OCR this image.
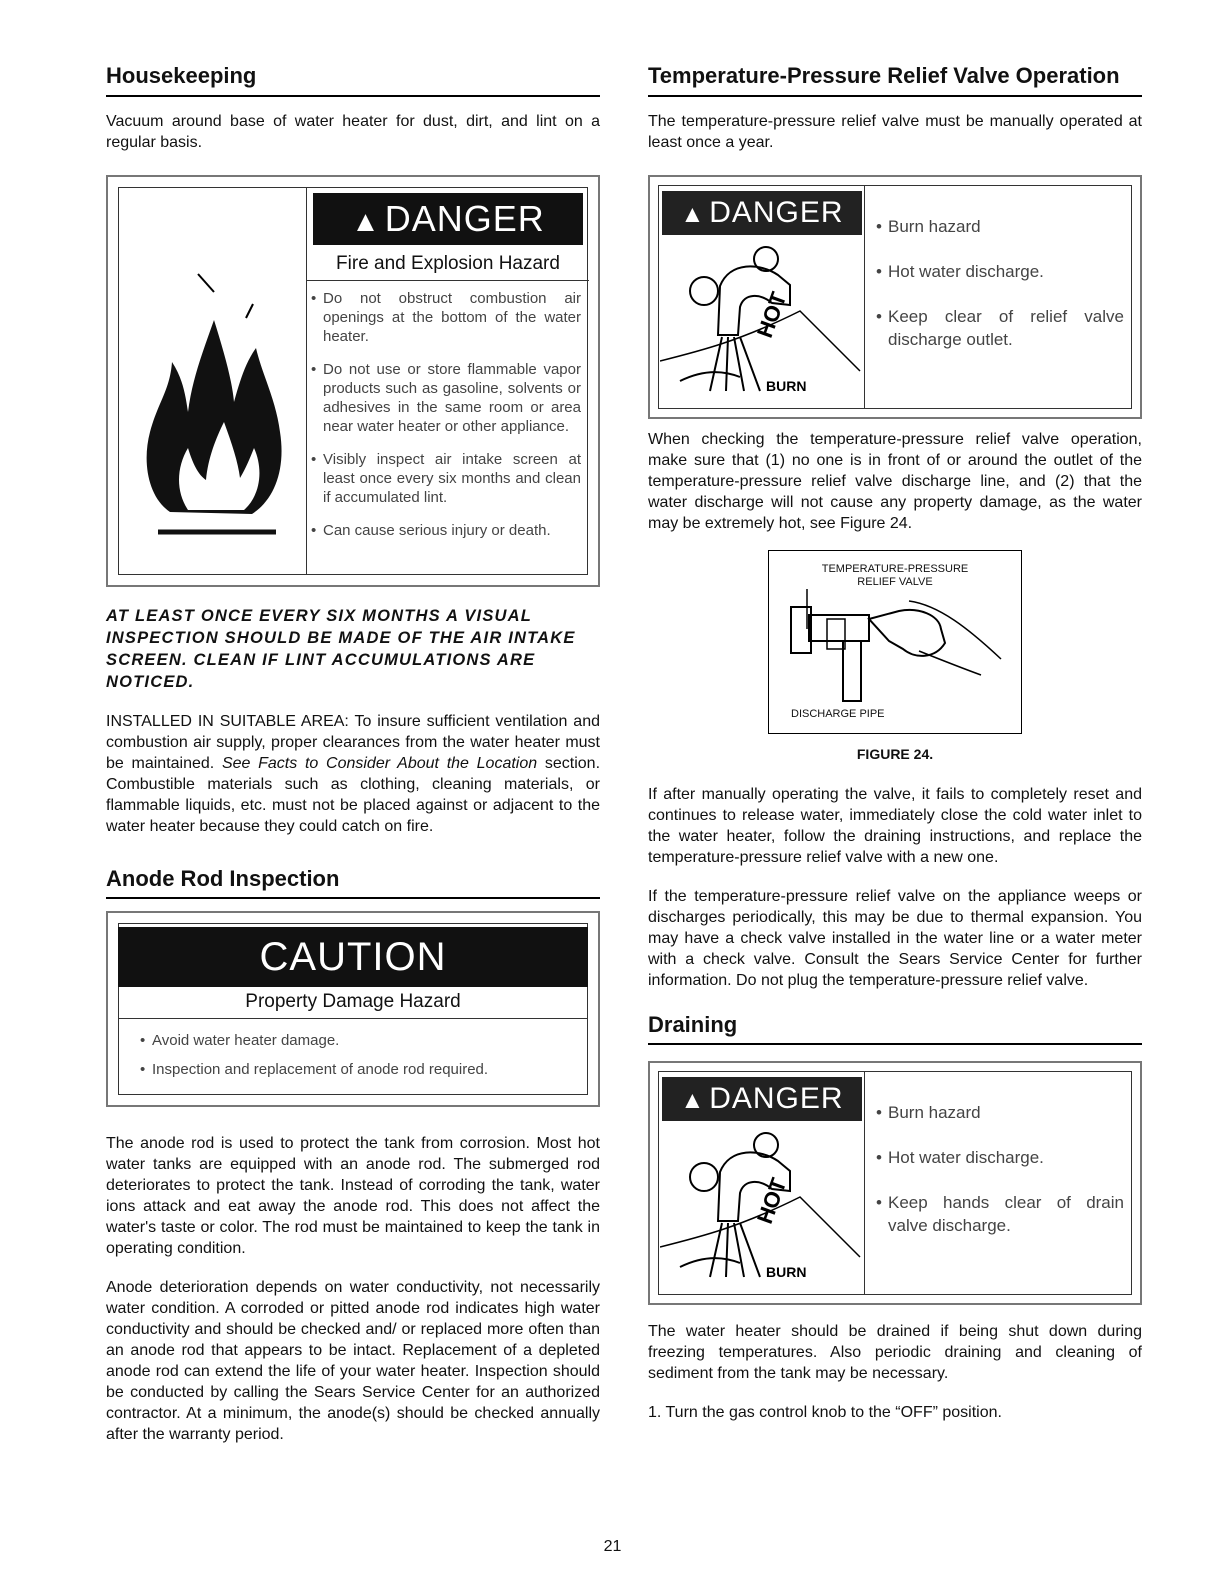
Housekeeping

Vacuum around base of water heater for dust, dirt, and lint on a regular basis.

▲ DANGER
Fire and Explosion Hazard
• Do not obstruct combustion air openings at the bottom of the water heater.
• Do not use or store flammable vapor products such as gasoline, solvents or adhesives in the same room or area near water heater or other appliance.
• Visibly inspect air intake screen at least once every six months and clean if accumulated lint.
• Can cause serious injury or death.

AT LEAST ONCE EVERY SIX MONTHS A VISUAL INSPECTION SHOULD BE MADE OF THE AIR INTAKE SCREEN. CLEAN IF LINT ACCUMULATIONS ARE NOTICED.

INSTALLED IN SUITABLE AREA: To insure sufficient ventilation and combustion air supply, proper clearances from the water heater must be maintained. See Facts to Consider About the Location section. Combustible materials such as clothing, cleaning materials, or flammable liquids, etc. must not be placed against or adjacent to the water heater because they could catch on fire.

Anode Rod Inspection
CAUTION
Property Damage Hazard
• Avoid water heater damage.
• Inspection and replacement of anode rod required.

The anode rod is used to protect the tank from corrosion. Most hot water tanks are equipped with an anode rod. The submerged rod deteriorates to protect the tank. Instead of corroding the tank, water ions attack and eat away the anode rod. This does not affect the water's taste or color. The rod must be maintained to keep the tank in operating condition.

Anode deterioration depends on water conductivity, not necessarily water condition. A corroded or pitted anode rod indicates high water conductivity and should be checked and/ or replaced more often than an anode rod that appears to be intact. Replacement of a depleted anode rod can extend the life of your water heater. Inspection should be conducted by calling the Sears Service Center for an authorized contractor. At a minimum, the anode(s) should be checked annually after the warranty period.

Temperature-Pressure Relief Valve Operation

The temperature-pressure relief valve must be manually operated at least once a year.

▲ DANGER
HOT
BURN
• Burn hazard
• Hot water discharge.
• Keep clear of relief valve discharge outlet.

When checking the temperature-pressure relief valve operation, make sure that (1) no one is in front of or around the outlet of the temperature-pressure relief valve discharge line, and (2) that the water discharge will not cause any property damage, as the water may be extremely hot, see Figure 24.

TEMPERATURE-PRESSURE
RELIEF VALVE
DISCHARGE PIPE
FIGURE 24.

If after manually operating the valve, it fails to completely reset and continues to release water, immediately close the cold water inlet to the water heater, follow the draining instructions, and replace the temperature-pressure relief valve with a new one.

If the temperature-pressure relief valve on the appliance weeps or discharges periodically, this may be due to thermal expansion. You may have a check valve installed in the water line or a water meter with a check valve. Consult the Sears Service Center for further information. Do not plug the temperature-pressure relief valve.

Draining
▲ DANGER
HOT
BURN
• Burn hazard
• Hot water discharge.
• Keep hands clear of drain valve discharge.

The water heater should be drained if being shut down during freezing temperatures. Also periodic draining and cleaning of sediment from the tank may be necessary.

1. Turn the gas control knob to the “OFF” position.

21
